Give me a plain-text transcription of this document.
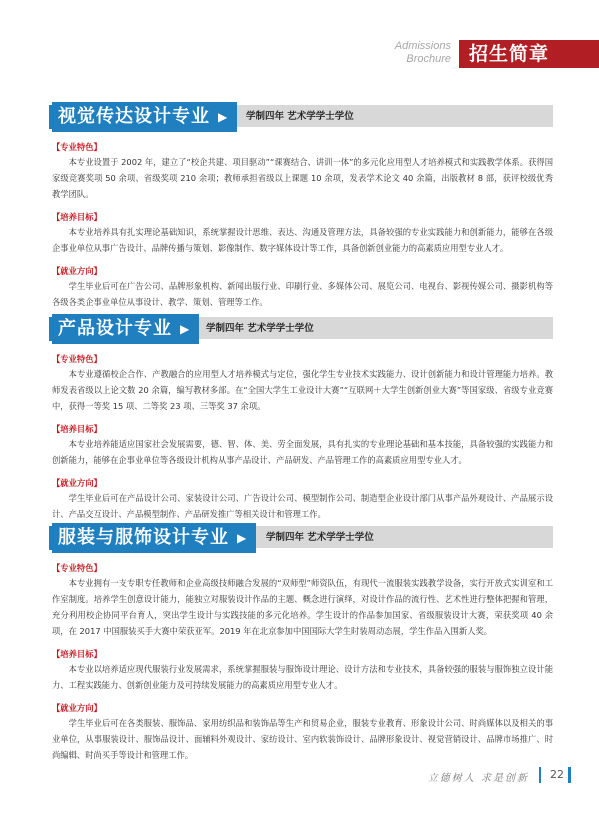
Admissions
Brochure 招生简章
视觉传达设计专业 ▶	学制四年 艺术学学士学位
【专业特色】

本专业设置于 2002 年，建立了“校企共建、项目驱动”“课赛结合、讲训一体”的多元化应用型人才培养模式和实践教学体系。获得国家级竞赛奖项 50 余项、省级奖项 210 余项；教师承担省级以上课题 10 余项，发表学术论文 40 余篇，出版教材 8 部，获评校级优秀教学团队。

【培养目标】

本专业培养具有扎实理论基础知识，系统掌握设计思维、表达、沟通及管理方法，具备较强的专业实践能力和创新能力，能够在各级企事业单位从事广告设计、品牌传播与策划、影像制作、数字媒体设计等工作，具备创新创业能力的高素质应用型专业人才。

【就业方向】

学生毕业后可在广告公司、品牌形象机构、新闻出版行业、印刷行业、多媒体公司、展览公司、电视台、影视传媒公司、摄影机构等各级各类企事业单位从事设计、教学、策划、管理等工作。

产品设计专业 ▶	学制四年 艺术学学士学位
【专业特色】

本专业遵循校企合作、产教融合的应用型人才培养模式与定位，强化学生专业技术实践能力、设计创新能力和设计管理能力培养。教师发表省级以上论文数 20 余篇，编写教材多部。在“全国大学生工业设计大赛”“互联网＋大学生创新创业大赛”等国家级、省级专业竞赛中，获得一等奖 15 项、二等奖 23 项、三等奖 37 余项。

【培养目标】

本专业培养能适应国家社会发展需要，德、智、体、美、劳全面发展，具有扎实的专业理论基础和基本技能，具备较强的实践能力和创新能力，能够在企事业单位等各级设计机构从事产品设计、产品研发、产品管理工作的高素质应用型专业人才。

【就业方向】

学生毕业后可在产品设计公司、家装设计公司、广告设计公司、模型制作公司、制造型企业设计部门从事产品外观设计、产品展示设计、产品交互设计、产品模型制作、产品研发推广等相关设计和管理工作。

服装与服饰设计专业 ▶	学制四年 艺术学学士学位
【专业特色】

本专业拥有一支专职专任教师和企业高级技师融合发展的“双师型”师资队伍，有现代一流服装实践教学设备，实行开放式实训室和工作室制度。培养学生创意设计能力，能独立对服装设计作品的主题、概念进行演绎，对设计作品的流行性、艺术性进行整体把握和管理，充分利用校企协同平台育人，突出学生设计与实践技能的多元化培养。学生设计的作品参加国家、省级服装设计大赛，荣获奖项 40 余项，在 2017 中国服装买手大赛中荣获亚军。2019 年在北京参加中国国际大学生时装周动态展，学生作品入围新人奖。

【培养目标】

本专业以培养适应现代服装行业发展需求，系统掌握服装与服饰设计理论、设计方法和专业技术，具备较强的服装与服饰独立设计能力、工程实践能力、创新创业能力及可持续发展能力的高素质应用型专业人才。

【就业方向】

学生毕业后可在各类服装、服饰品、家用纺织品和装饰品等生产和贸易企业，服装专业教育、形象设计公司、时尚媒体以及相关的事业单位，从事服装设计、服饰品设计、面辅料外观设计、家纺设计、室内软装饰设计、品牌形象设计、视觉营销设计、品牌市场推广、时尚编辑、时尚买手等设计和管理工作。

立德树人 求是创新 22
